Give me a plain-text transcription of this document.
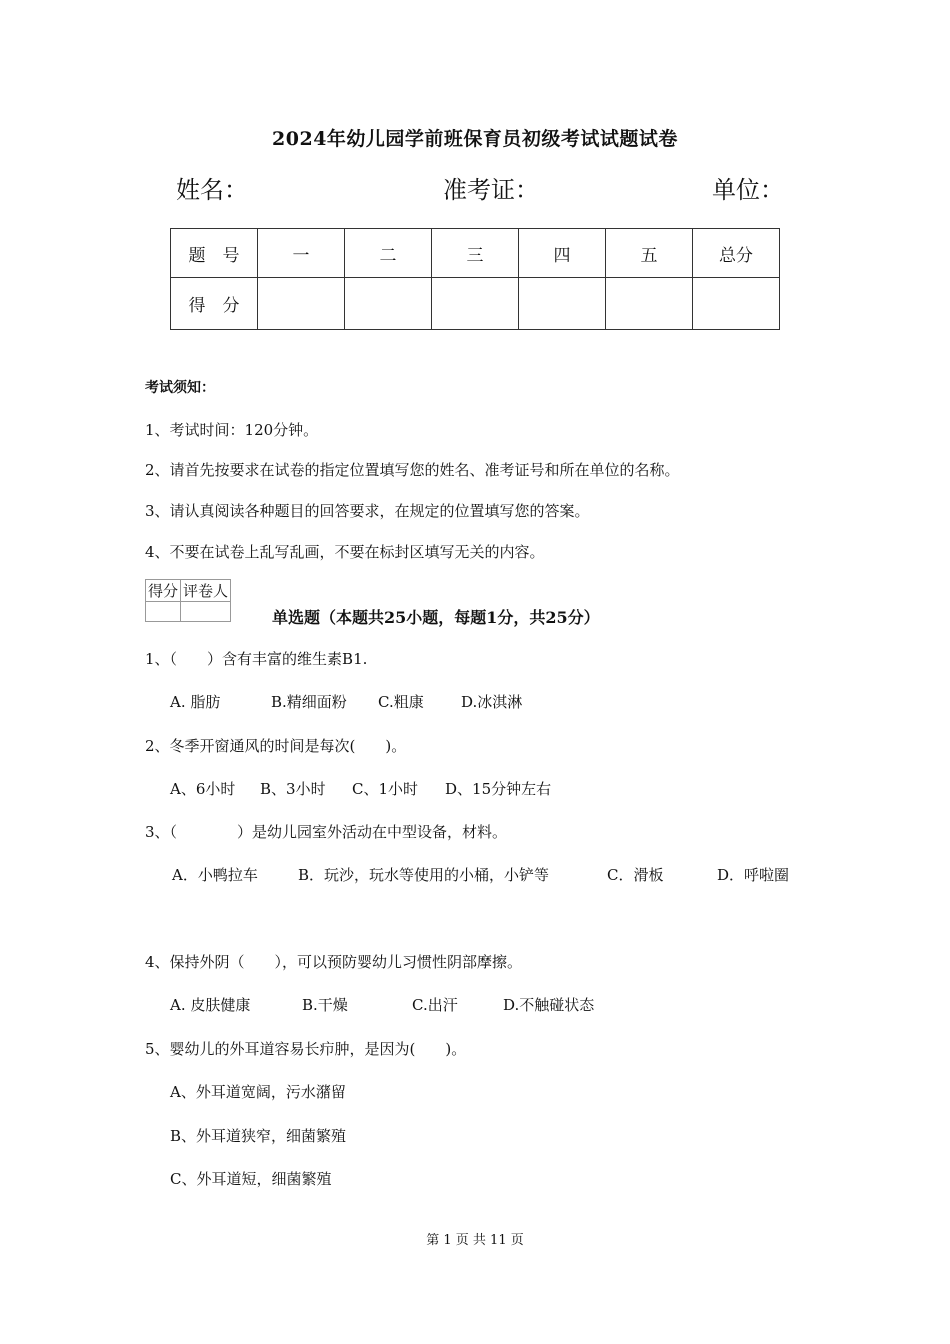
2024年幼儿园学前班保育员初级考试试题试卷
姓名：	准考证：	单位：
题　号	一	二	三	四	五	总分
得　分						
考试须知：
1、考试时间：120分钟。
2、请首先按要求在试卷的指定位置填写您的姓名、准考证号和所在单位的名称。
3、请认真阅读各种题目的回答要求，在规定的位置填写您的答案。
4、不要在试卷上乱写乱画，不要在标封区填写无关的内容。
得分	评卷人

单选题（本题共25小题，每题1分，共25分）
1、（　　）含有丰富的维生素B1.
A. 脂肪	B.精细面粉 C.粗康 D.冰淇淋
2、冬季开窗通风的时间是每次(　　)。
A、6小时 B、3小时 C、1小时 D、15分钟左右
3、（　　　　）是幼儿园室外活动在中型设备，材料。
A．小鸭拉车	B．玩沙，玩水等使用的小桶，小铲等	C．滑板	D．呼啦圈
4、保持外阴（　　），可以预防婴幼儿习惯性阴部摩擦。
A. 皮肤健康	B.干燥	C.出汗	D.不触碰状态
5、婴幼儿的外耳道容易长疖肿，是因为(　　)。
A、外耳道宽阔，污水潴留
B、外耳道狭窄，细菌繁殖
C、外耳道短，细菌繁殖
第 1 页 共 11 页
